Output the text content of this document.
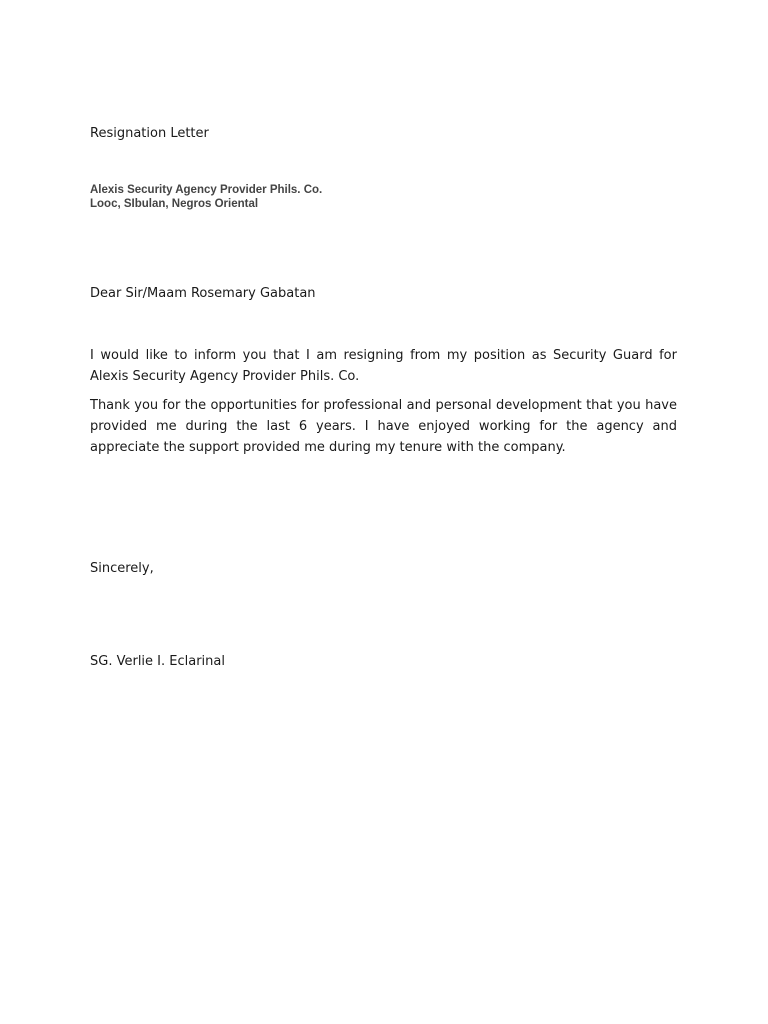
Resignation Letter
Alexis Security Agency Provider Phils. Co.
Looc, SIbulan, Negros Oriental
Dear Sir/Maam Rosemary Gabatan
I would like to inform you that I am resigning from my position as Security Guard for Alexis Security Agency Provider Phils. Co.
Thank you for the opportunities for professional and personal development that you have provided me during the last 6 years. I have enjoyed working for the agency and appreciate the support provided me during my tenure with the company.
Sincerely,
SG. Verlie I. Eclarinal
